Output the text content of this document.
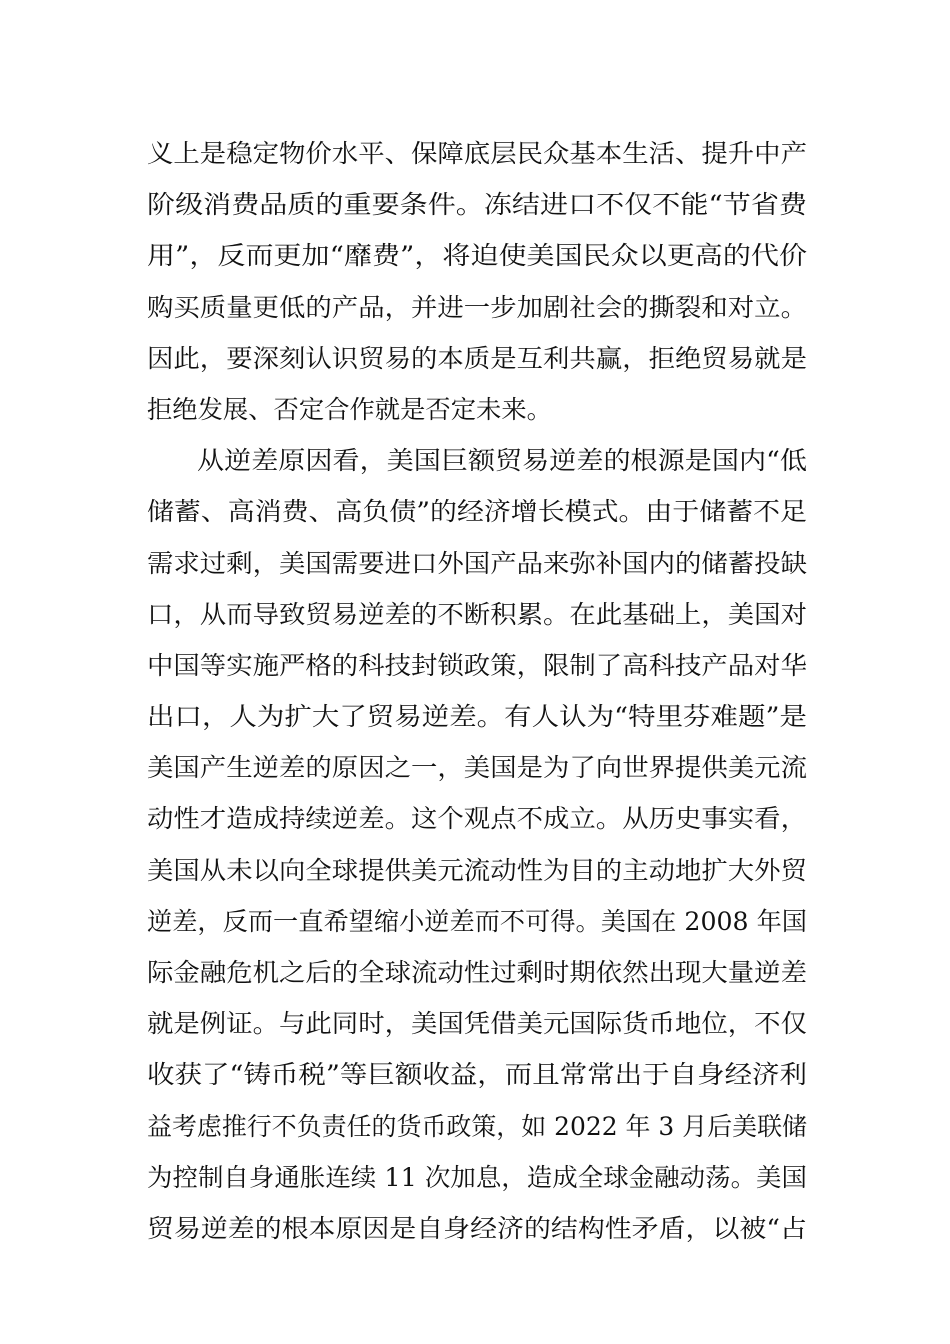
义上是稳定物价水平、保障底层民众基本生活、提升中产
阶级消费品质的重要条件。冻结进口不仅不能“节省费
用”，反而更加“靡费”，将迫使美国民众以更高的代价
购买质量更低的产品，并进一步加剧社会的撕裂和对立。
因此，要深刻认识贸易的本质是互利共赢，拒绝贸易就是
拒绝发展、否定合作就是否定未来。
从逆差原因看，美国巨额贸易逆差的根源是国内“低
储蓄、高消费、高负债”的经济增长模式。由于储蓄不足
需求过剩，美国需要进口外国产品来弥补国内的储蓄投缺
口，从而导致贸易逆差的不断积累。在此基础上，美国对
中国等实施严格的科技封锁政策，限制了高科技产品对华
出口，人为扩大了贸易逆差。有人认为“特里芬难题”是
美国产生逆差的原因之一，美国是为了向世界提供美元流
动性才造成持续逆差。这个观点不成立。从历史事实看，
美国从未以向全球提供美元流动性为目的主动地扩大外贸
逆差，反而一直希望缩小逆差而不可得。美国在 2008 年国
际金融危机之后的全球流动性过剩时期依然出现大量逆差
就是例证。与此同时，美国凭借美元国际货币地位，不仅
收获了“铸币税”等巨额收益，而且常常出于自身经济利
益考虑推行不负责任的货币政策，如 2022 年 3 月后美联储
为控制自身通胀连续 11 次加息，造成全球金融动荡。美国
贸易逆差的根本原因是自身经济的结构性矛盾，以被“占
